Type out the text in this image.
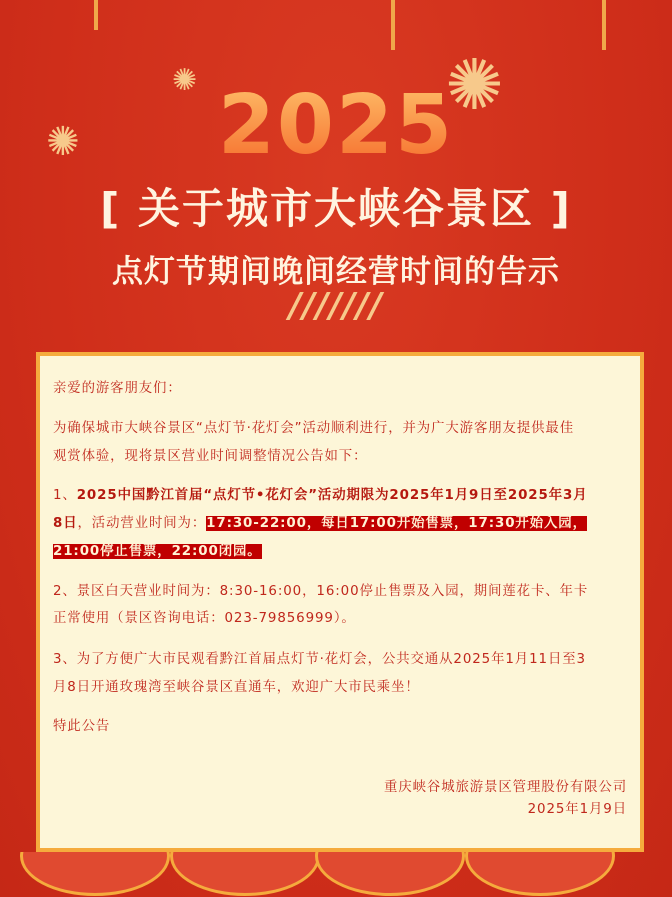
2025
[ 关于城市大峡谷景区 ]
点灯节期间晚间经营时间的告示
///////
✺
✺	✺
亲爱的游客朋友们：
为确保城市大峡谷景区“点灯节·花灯会”活动顺利进行，并为广大游客朋友提供最佳
观赏体验，现将景区营业时间调整情况公告如下：
1、2025中国黔江首届“点灯节•花灯会”活动期限为2025年1月9日至2025年3月
8日，活动营业时间为：17:30-22:00，每日17:00开始售票，17:30开始入园，
21:00停止售票，22:00闭园。
2、景区白天营业时间为：8:30-16:00，16:00停止售票及入园，期间莲花卡、年卡
正常使用（景区咨询电话：023-79856999）。
3、为了方便广大市民观看黔江首届点灯节·花灯会，公共交通从2025年1月11日至3
月8日开通玫瑰湾至峡谷景区直通车，欢迎广大市民乘坐！
特此公告
重庆峡谷城旅游景区管理股份有限公司
2025年1月9日
